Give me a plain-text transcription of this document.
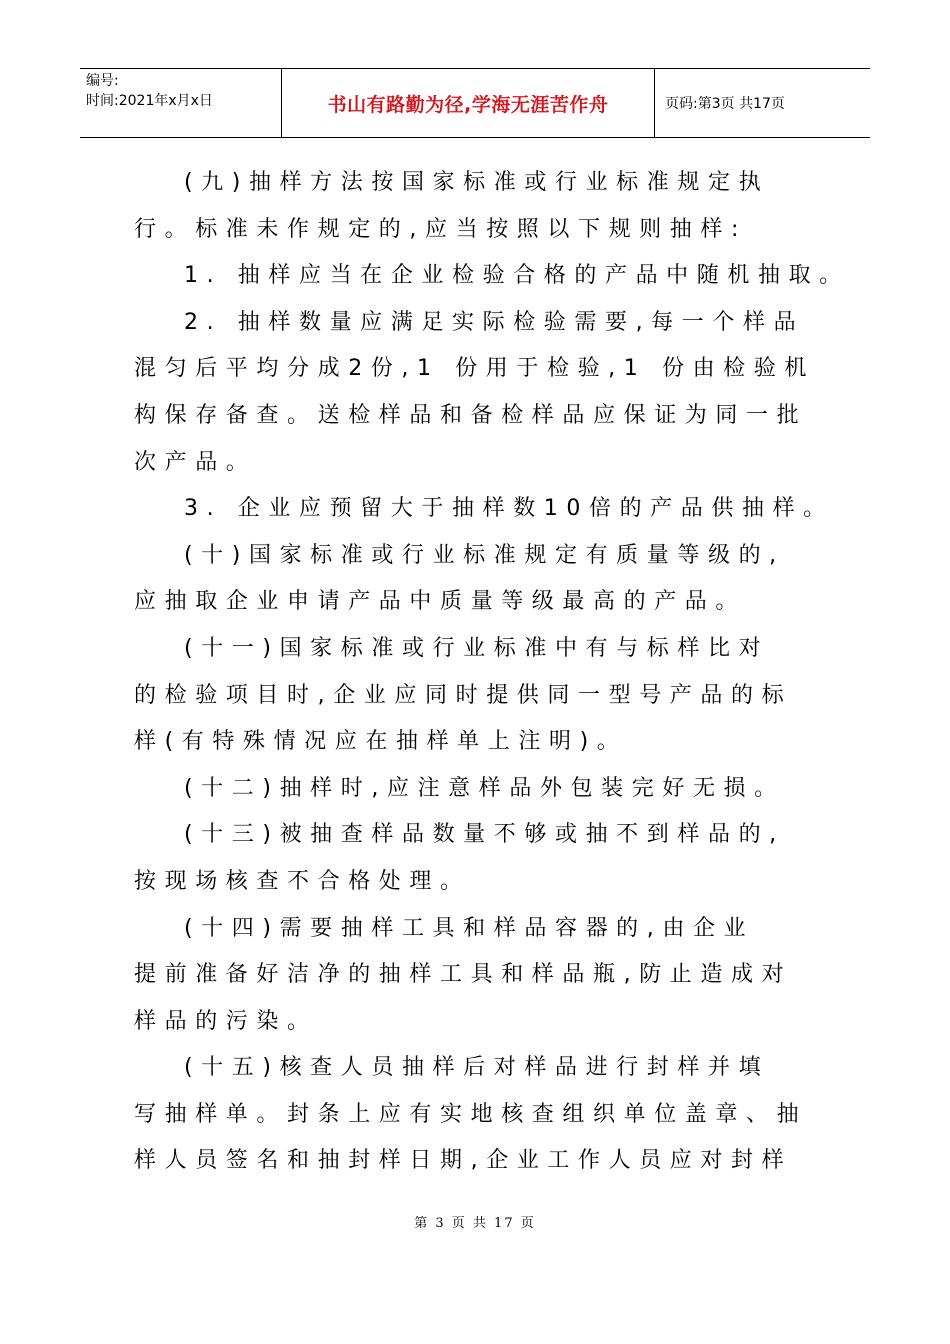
编号:
时间:2021年x月x日	书山有路勤为径,学海无涯苦作舟	页码:第3页 共17页
(九)抽样方法按国家标准或行业标准规定执
行。标准未作规定的,应当按照以下规则抽样:
1. 抽样应当在企业检验合格的产品中随机抽取。
2. 抽样数量应满足实际检验需要,每一个样品
混匀后平均分成2份,1 份用于检验,1 份由检验机
构保存备查。送检样品和备检样品应保证为同一批
次产品。
3. 企业应预留大于抽样数10倍的产品供抽样。
(十)国家标准或行业标准规定有质量等级的,
应抽取企业申请产品中质量等级最高的产品。
(十一)国家标准或行业标准中有与标样比对
的检验项目时,企业应同时提供同一型号产品的标
样(有特殊情况应在抽样单上注明)。
(十二)抽样时,应注意样品外包装完好无损。
(十三)被抽查样品数量不够或抽不到样品的,
按现场核查不合格处理。
(十四)需要抽样工具和样品容器的,由企业
提前准备好洁净的抽样工具和样品瓶,防止造成对
样品的污染。
(十五)核查人员抽样后对样品进行封样并填
写抽样单。封条上应有实地核查组织单位盖章、抽
样人员签名和抽封样日期,企业工作人员应对封样
第 3 页 共 17 页
